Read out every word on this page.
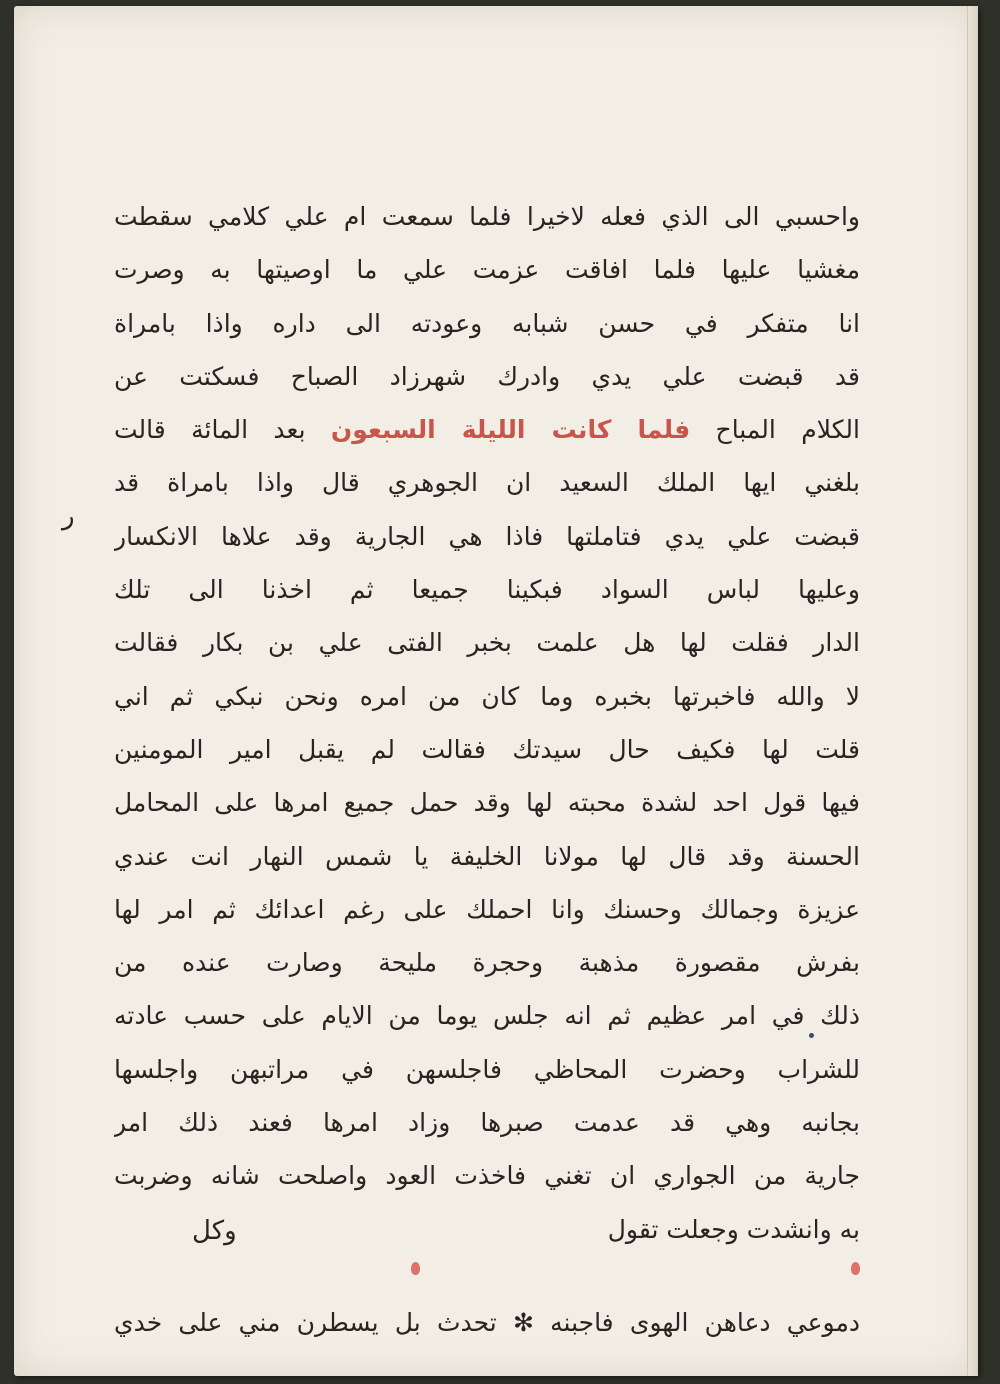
واحسبي الى الذي فعله لاخيرا فلما سمعت ام علي كلامي سقطت
مغشيا عليها فلما افاقت عزمت علي ما اوصيتها به وصرت
انا متفكر في حسن شبابه وعودته الى داره واذا بامراة
قد قبضت علي يدي وادرك شهرزاد الصباح فسكتت عن
الكلام المباح فلما كانت الليلة السبعون بعد المائة قالت
بلغني ايها الملك السعيد ان الجوهري قال واذا بامراة قد
قبضت علي يدي فتاملتها فاذا هي الجارية وقد علاها الانكسار
وعليها لباس السواد فبكينا جميعا ثم اخذنا الى تلك
الدار فقلت لها هل علمت بخبر الفتى علي بن بكار فقالت
لا والله فاخبرتها بخبره وما كان من امره ونحن نبكي ثم اني
قلت لها فكيف حال سيدتك فقالت لم يقبل امير المومنين
فيها قول احد لشدة محبته لها وقد حمل جميع امرها على المحامل
الحسنة وقد قال لها مولانا الخليفة يا شمس النهار انت عندي
عزيزة وجمالك وحسنك وانا احملك على رغم اعدائك ثم امر لها
بفرش مقصورة مذهبة وحجرة مليحة وصارت عنده من
ذلك في امر عظيم ثم انه جلس يوما من الايام على حسب عادته
للشراب وحضرت المحاظي فاجلسهن في مراتبهن واجلسها
بجانبه وهي قد عدمت صبرها وزاد امرها فعند ذلك امر
جارية من الجواري ان تغني فاخذت العود واصلحت شانه وضربت
به وانشدت وجعلت تقول
دموعي دعاهن الهوى فاجبنه ✻ تحدث بل يسطرن مني على خدي
ﺭ
وكل
